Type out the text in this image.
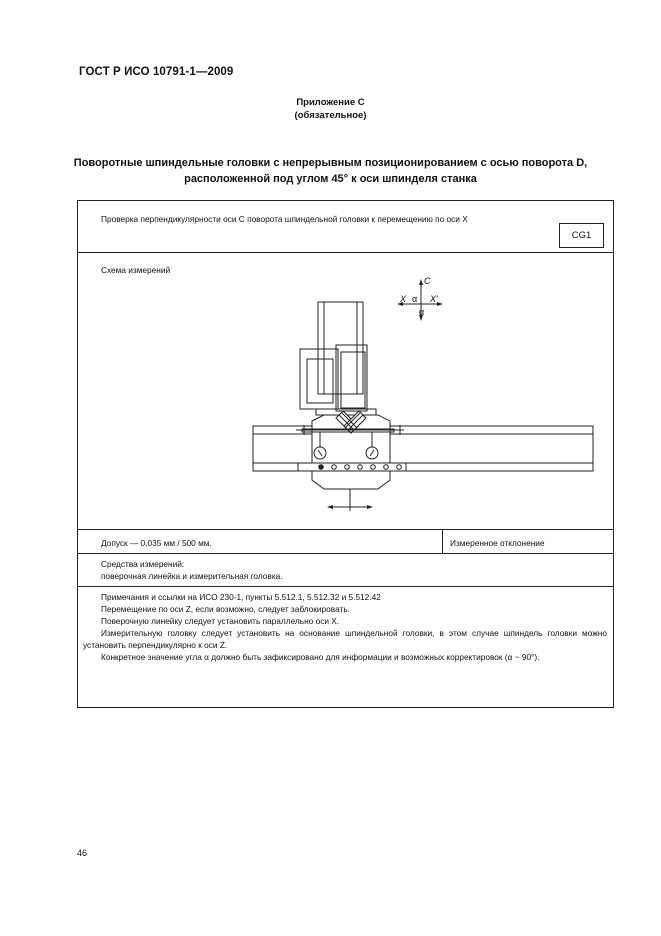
ГОСТ Р ИСО 10791-1—2009
Приложение С
(обязательное)
Поворотные шпиндельные головки с непрерывным позиционированием с осью поворота D,
расположенной под углом 45° к оси шпинделя станка
Проверка перпендикулярности оси С поворота шпиндельной головки к перемещению по оси X
CG1
Схема измерений
C
X	X'
α
α
Допуск — 0,035 мм / 500 мм.	Измеренное отклонение
Средства измерений:
поверочная линейка и измерительная головка.

Примечания и ссылки на ИСО 230-1, пункты 5.512.1, 5.512.32 и 5.512.42

Перемещение по оси Z, если возможно, следует заблокировать.

Поверочную линейку следует установить параллельно оси X.

Измерительную головку следует установить на основание шпиндельной головки, в этом случае шпиндель головки можно установить перпендикулярно к оси Z.

Конкретное значение угла α должно быть зафиксировано для информации и возможных корректировок (α ~ 90°).

46
